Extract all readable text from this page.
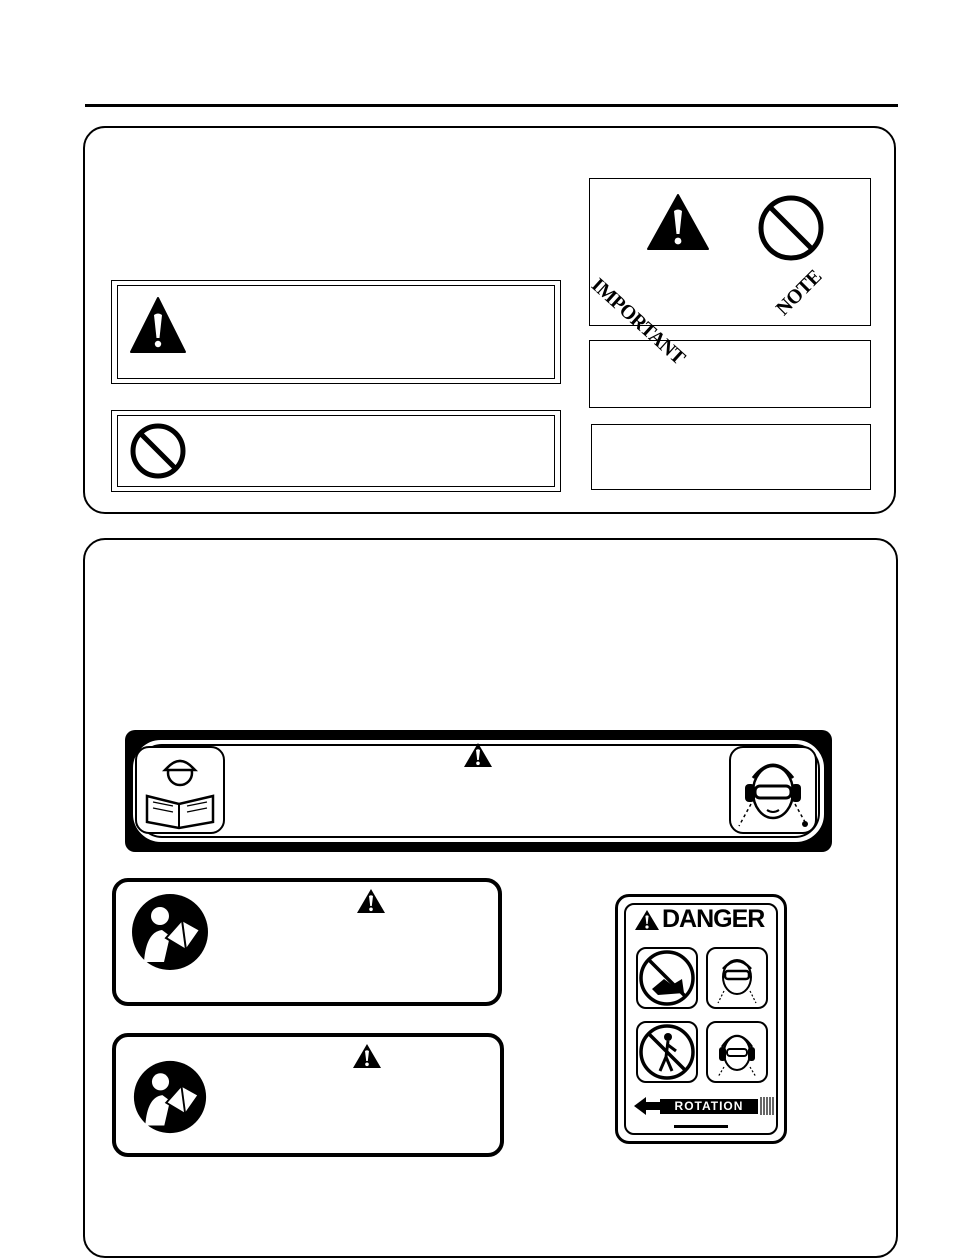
IMPORTANT	NOTE
DANGER
ROTATION
